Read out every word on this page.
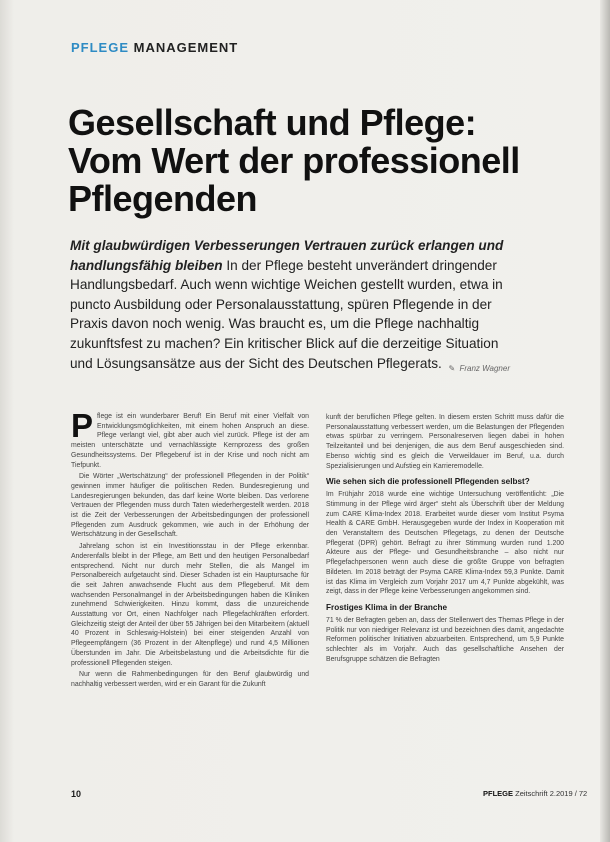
PFLEGE MANAGEMENT
Gesellschaft und Pflege:
Vom Wert der professionell
Pflegenden
Mit glaubwürdigen Verbesserungen Vertrauen zurück erlangen und handlungsfähig bleiben In der Pflege besteht unverändert dringender Handlungsbedarf. Auch wenn wichtige Weichen gestellt wurden, etwa in puncto Ausbildung oder Personalausstattung, spüren Pflegende in der Praxis davon noch wenig. Was braucht es, um die Pflege nachhaltig zukunftsfest zu machen? Ein kritischer Blick auf die derzeitige Situation und Lösungsansätze aus der Sicht des Deutschen Pflegerats. ✎ Franz Wagner

P flege ist ein wunderbarer Beruf! Ein Beruf mit einer Vielfalt von Entwicklungsmöglichkeiten, mit einem hohen Anspruch an diese. Pflege verlangt viel, gibt aber auch viel zurück. Pflege ist der am meisten unterschätzte und vernachlässigte Kernprozess des großen Gesundheitssystems. Der Pflegeberuf ist in der Krise und noch nicht am Tiefpunkt.

Die Wörter „Wertschätzung“ der professionell Pflegenden in der Politik“ gewinnen immer häufiger die politischen Reden. Bundesregierung und Landesregierungen bekunden, das darf keine Worte bleiben. Das verlorene Vertrauen der Pflegenden muss durch Taten wiederhergestellt werden. 2018 ist die Zeit der Verbesserungen der Arbeitsbedingungen der professionell Pflegenden zum Ausdruck gekommen, wie auch in der Erhöhung der Wertschätzung in der Gesellschaft.

Jahrelang schon ist ein Investitionsstau in der Pflege erkennbar. Anderenfalls bleibt in der Pflege, am Bett und den heutigen Personalbedarf entsprechend. Nicht nur durch mehr Stellen, die als Mangel im Personalbereich aufgetaucht sind. Dieser Schaden ist ein Hauptursache für die seit Jahren anwachsende Flucht aus dem Pflegeberuf. Mit dem wachsenden Personalmangel in der Arbeitsbedingungen haben die Kliniken zunehmend Schwierigkeiten. Hinzu kommt, dass die unzureichende Ausstattung vor Ort, einen Nachfolger nach Pflegefachkräften erfordert. Gleichzeitig steigt der Anteil der über 55 Jährigen bei den Mitarbeitern (aktuell 40 Prozent in Schleswig-Holstein) bei einer steigenden Anzahl von Pflegeempfängern (36 Prozent in der Altenpflege) und rund 4,5 Millionen Überstunden im Jahr. Die Arbeitsbelastung und die Arbeitsdichte für die professionell Pflegenden steigen.

Nur wenn die Rahmenbedingungen für den Beruf glaubwürdig und nachhaltig verbessert werden, wird er ein Garant für die Zukunft

kunft der beruflichen Pflege gelten. In diesem ersten Schritt muss dafür die Personalausstattung verbessert werden, um die Belastungen der Pflegenden etwas spürbar zu verringern. Personalreserven liegen dabei in hohen Teilzeitanteil und bei denjenigen, die aus dem Beruf ausgeschieden sind. Ebenso wichtig sind es gleich die Verweildauer im Beruf, u.a. durch Spezialisierungen und Aufstieg ein Karrieremodelle.

Wie sehen sich die professionell Pflegenden selbst?

Im Frühjahr 2018 wurde eine wichtige Untersuchung veröffentlicht: „Die Stimmung in der Pflege wird ärger“ steht als Überschrift über der Meldung zum CARE Klima-Index 2018. Erarbeitet wurde dieser vom Institut Psyma Health & CARE GmbH. Herausgegeben wurde der Index in Kooperation mit den Veranstaltern des Deutschen Pflegetags, zu denen der Deutsche Pflegerat (DPR) gehört. Befragt zu ihrer Stimmung wurden rund 1.200 Akteure aus der Pflege- und Gesundheitsbranche – also nicht nur Pflegefachpersonen wenn auch diese die größte Gruppe von befragten Bildeten. Im 2018 beträgt der Psyma CARE Klima-Index 59,3 Punkte. Damit ist das Klima im Vergleich zum Vorjahr 2017 um 4,7 Punkte abgekühlt, was zeigt, dass in der Pflege keine Verbesserungen angekommen sind.

Frostiges Klima in der Branche

71 % der Befragten geben an, dass der Stellenwert des Themas Pflege in der Politik nur von niedriger Relevanz ist und bezeichnen dies damit, angedachte Reformen politischer Initiativen abzuarbeiten. Entsprechend, um 5,9 Punkte schlechter als im Vorjahr. Auch das gesellschaftliche Ansehen der Berufsgruppe schätzen die Befragten

10	PFLEGE Zeitschrift 2.2019 / 72
